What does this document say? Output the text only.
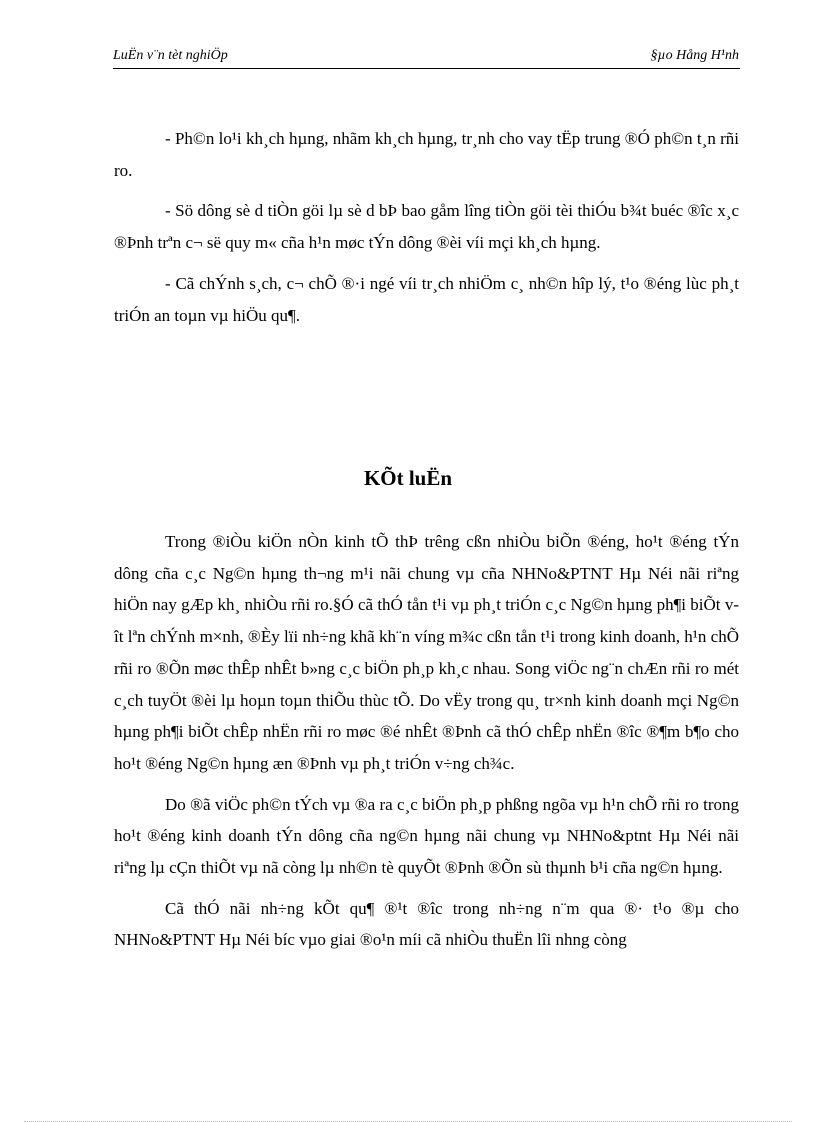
LuËn v¨n tèt nghiÖp	§µo Hång H¹nh

- Ph©n lo¹i kh¸ch hµng, nhãm kh¸ch hµng, tr¸nh cho vay tËp trung ®Ó ph©n t¸n rñi ro.

- Sö dông sè d tiÒn göi lµ sè d bÞ bao gåm lîng tiÒn göi tèi thiÓu b¾t buéc ®îc x¸c ®Þnh trªn c¬ së quy m« cña h¹n møc tÝn dông ®èi víi mçi kh¸ch hµng.

- Cã chÝnh s¸ch, c¬ chÕ ®·i ngé víi tr¸ch nhiÖm c¸ nh©n hîp lý, t¹o ®éng lùc ph¸t triÓn an toµn vµ hiÖu qu¶.

KÕt luËn

Trong ®iÒu kiÖn nÒn kinh tÕ thÞ trêng cßn nhiÒu biÕn ®éng, ho¹t ®éng tÝn dông cña c¸c Ng©n hµng th¬ng m¹i nãi chung vµ cña NHNo&PTNT Hµ Néi nãi riªng hiÖn nay gÆp kh¸ nhiÒu rñi ro.§Ó cã thÓ tån t¹i vµ ph¸t triÓn c¸c Ng©n hµng ph¶i biÕt vît lªn chÝnh m×nh, ®Èy lïi nh÷ng khã kh¨n víng m¾c cßn tån t¹i trong kinh doanh, h¹n chÕ rñi ro ®Õn møc thÊp nhÊt b»ng c¸c biÖn ph¸p kh¸c nhau. Song viÖc ng¨n chÆn rñi ro mét c¸ch tuyÖt ®èi lµ hoµn toµn thiÕu thùc tÕ. Do vËy trong qu¸ tr×nh kinh doanh mçi Ng©n hµng ph¶i biÕt chÊp nhËn rñi ro møc ®é nhÊt ®Þnh cã thÓ chÊp nhËn ®îc ®¶m b¶o cho ho¹t ®éng Ng©n hµng æn ®Þnh vµ ph¸t triÓn v÷ng ch¾c.

Do ®ã viÖc ph©n tÝch vµ ®a ra c¸c biÖn ph¸p phßng ngõa vµ h¹n chÕ rñi ro trong ho¹t ®éng kinh doanh tÝn dông cña ng©n hµng nãi chung vµ NHNo&ptnt Hµ Néi nãi riªng lµ cÇn thiÕt vµ nã còng lµ nh©n tè quyÕt ®Þnh ®Õn sù thµnh b¹i cña ng©n hµng.

Cã thÓ nãi nh÷ng kÕt qu¶ ®¹t ®îc trong nh÷ng n¨m qua ®· t¹o ®µ cho NHNo&PTNT Hµ Néi bíc vµo giai ®o¹n míi cã nhiÒu thuËn lîi nhng còng
